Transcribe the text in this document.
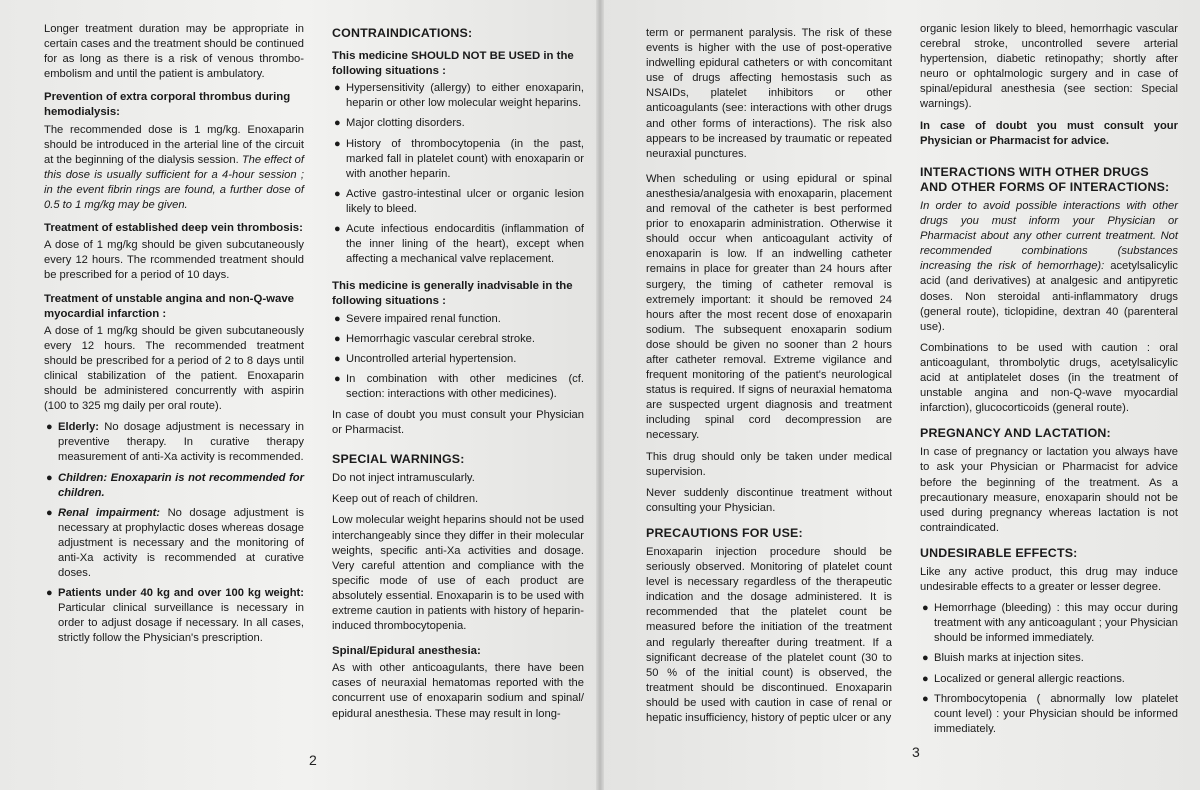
Longer treatment duration may be appropriate in certain cases and the treatment should be continued for as long as there is a risk of venous thrombo-embolism and until the patient is ambulatory.

Prevention of extra corporal thrombus during hemodialysis:

The recommended dose is 1 mg/kg. Enoxaparin should be introduced in the arterial line of the circuit at the beginning of the dialysis session. The effect of this dose is usually sufficient for a 4-hour session ; in the event fibrin rings are found, a further dose of 0.5 to 1 mg/kg may be given.

Treatment of established deep vein thrombosis:

A dose of 1 mg/kg should be given subcutaneously every 12 hours. The rcommended treatment should be prescribed for a period of 10 days.

Treatment of unstable angina and non-Q-wave myocardial infarction :

A dose of 1 mg/kg should be given subcutaneously every 12 hours. The recommended treatment should be prescribed for a period of 2 to 8 days until clinical stabilization of the patient. Enoxaparin should be administered concurrently with aspirin (100 to 325 mg daily per oral route).

● Elderly: No dosage adjustment is necessary in preventive therapy. In curative therapy measurement of anti-Xa activity is recommended.
● Children: Enoxaparin is not recommended for children.
● Renal impairment: No dosage adjustment is necessary at prophylactic doses whereas dosage adjustment is necessary and the monitoring of anti-Xa activity is recommended at curative doses.
● Patients under 40 kg and over 100 kg weight: Particular clinical surveillance is necessary in order to adjust dosage if necessary. In all cases, strictly follow the Physician's prescription.
CONTRAINDICATIONS:
This medicine SHOULD NOT BE USED in the following situations :
● Hypersensitivity (allergy) to either enoxaparin, heparin or other low molecular weight heparins.
● Major clotting disorders.
● History of thrombocytopenia (in the past, marked fall in platelet count) with enoxaparin or with another heparin.
● Active gastro-intestinal ulcer or organic lesion likely to bleed.
● Acute infectious endocarditis (inflammation of the inner lining of the heart), except when affecting a mechanical valve replacement.
This medicine is generally inadvisable in the following situations :
● Severe impaired renal function.
● Hemorrhagic vascular cerebral stroke.
● Uncontrolled arterial hypertension.
● In combination with other medicines (cf. section: interactions with other medicines).

In case of doubt you must consult your Physician or Pharmacist.

SPECIAL WARNINGS:

Do not inject intramuscularly.

Keep out of reach of children.

Low molecular weight heparins should not be used interchangeably since they differ in their molecular weights, specific anti-Xa activities and dosage. Very careful attention and compliance with the specific mode of use of each product are absolutely essential. Enoxaparin is to be used with extreme caution in patients with history of heparin-induced thrombocytopenia.

Spinal/Epidural anesthesia:

As with other anticoagulants, there have been cases of neuraxial hematomas reported with the concurrent use of enoxaparin sodium and spinal/ epidural anesthesia. These may result in long-

term or permanent paralysis. The risk of these events is higher with the use of post-operative indwelling epidural catheters or with concomitant use of drugs affecting hemostasis such as NSAIDs, platelet inhibitors or other anticoagulants (see: interactions with other drugs and other forms of interactions). The risk also appears to be increased by traumatic or repeated neuraxial punctures.

When scheduling or using epidural or spinal anesthesia/analgesia with enoxaparin, placement and removal of the catheter is best performed prior to enoxaparin administration. Otherwise it should occur when anticoagulant activity of enoxaparin is low. If an indwelling catheter remains in place for greater than 24 hours after surgery, the timing of catheter removal is extremely important: it should be removed 24 hours after the most recent dose of enoxaparin sodium. The subsequent enoxaparin sodium dose should be given no sooner than 2 hours after catheter removal. Extreme vigilance and frequent monitoring of the patient's neurological status is required. If signs of neuraxial hematoma are suspected urgent diagnosis and treatment including spinal cord decompression are necessary.

This drug should only be taken under medical supervision.

Never suddenly discontinue treatment without consulting your Physician.

PRECAUTIONS FOR USE:

Enoxaparin injection procedure should be seriously observed. Monitoring of platelet count level is necessary regardless of the therapeutic indication and the dosage administered. It is recommended that the platelet count be measured before the initiation of the treatment and regularly thereafter during treatment. If a significant decrease of the platelet count (30 to 50 % of the initial count) is observed, the treatment should be discontinued. Enoxaparin should be used with caution in case of renal or hepatic insufficiency, history of peptic ulcer or any

organic lesion likely to bleed, hemorrhagic vascular cerebral stroke, uncontrolled severe arterial hypertension, diabetic retinopathy; shortly after neuro or ophtalmologic surgery and in case of spinal/epidural anesthesia (see section: Special warnings).

In case of doubt you must consult your Physician or Pharmacist for advice.

INTERACTIONS WITH OTHER DRUGS AND OTHER FORMS OF INTERACTIONS:

In order to avoid possible interactions with other drugs you must inform your Physician or Pharmacist about any other current treatment. Not recommended combinations (substances increasing the risk of hemorrhage): acetylsalicylic acid (and derivatives) at analgesic and antipyretic doses. Non steroidal anti-inflammatory drugs (general route), ticlopidine, dextran 40 (parenteral use).

Combinations to be used with caution : oral anticoagulant, thrombolytic drugs, acetylsalicylic acid at antiplatelet doses (in the treatment of unstable angina and non-Q-wave myocardial infarction), glucocorticoids (general route).

PREGNANCY AND LACTATION:

In case of pregnancy or lactation you always have to ask your Physician or Pharmacist for advice before the beginning of the treatment. As a precautionary measure, enoxaparin should not be used during pregnancy whereas lactation is not contraindicated.

UNDESIRABLE EFFECTS:

Like any active product, this drug may induce undesirable effects to a greater or lesser degree.

● Hemorrhage (bleeding) : this may occur during treatment with any anticoagulant ; your Physician should be informed immediately.
● Bluish marks at injection sites.
● Localized or general allergic reactions.
● Thrombocytopenia ( abnormally low platelet count level) : your Physician should be informed immediately.
2	3
